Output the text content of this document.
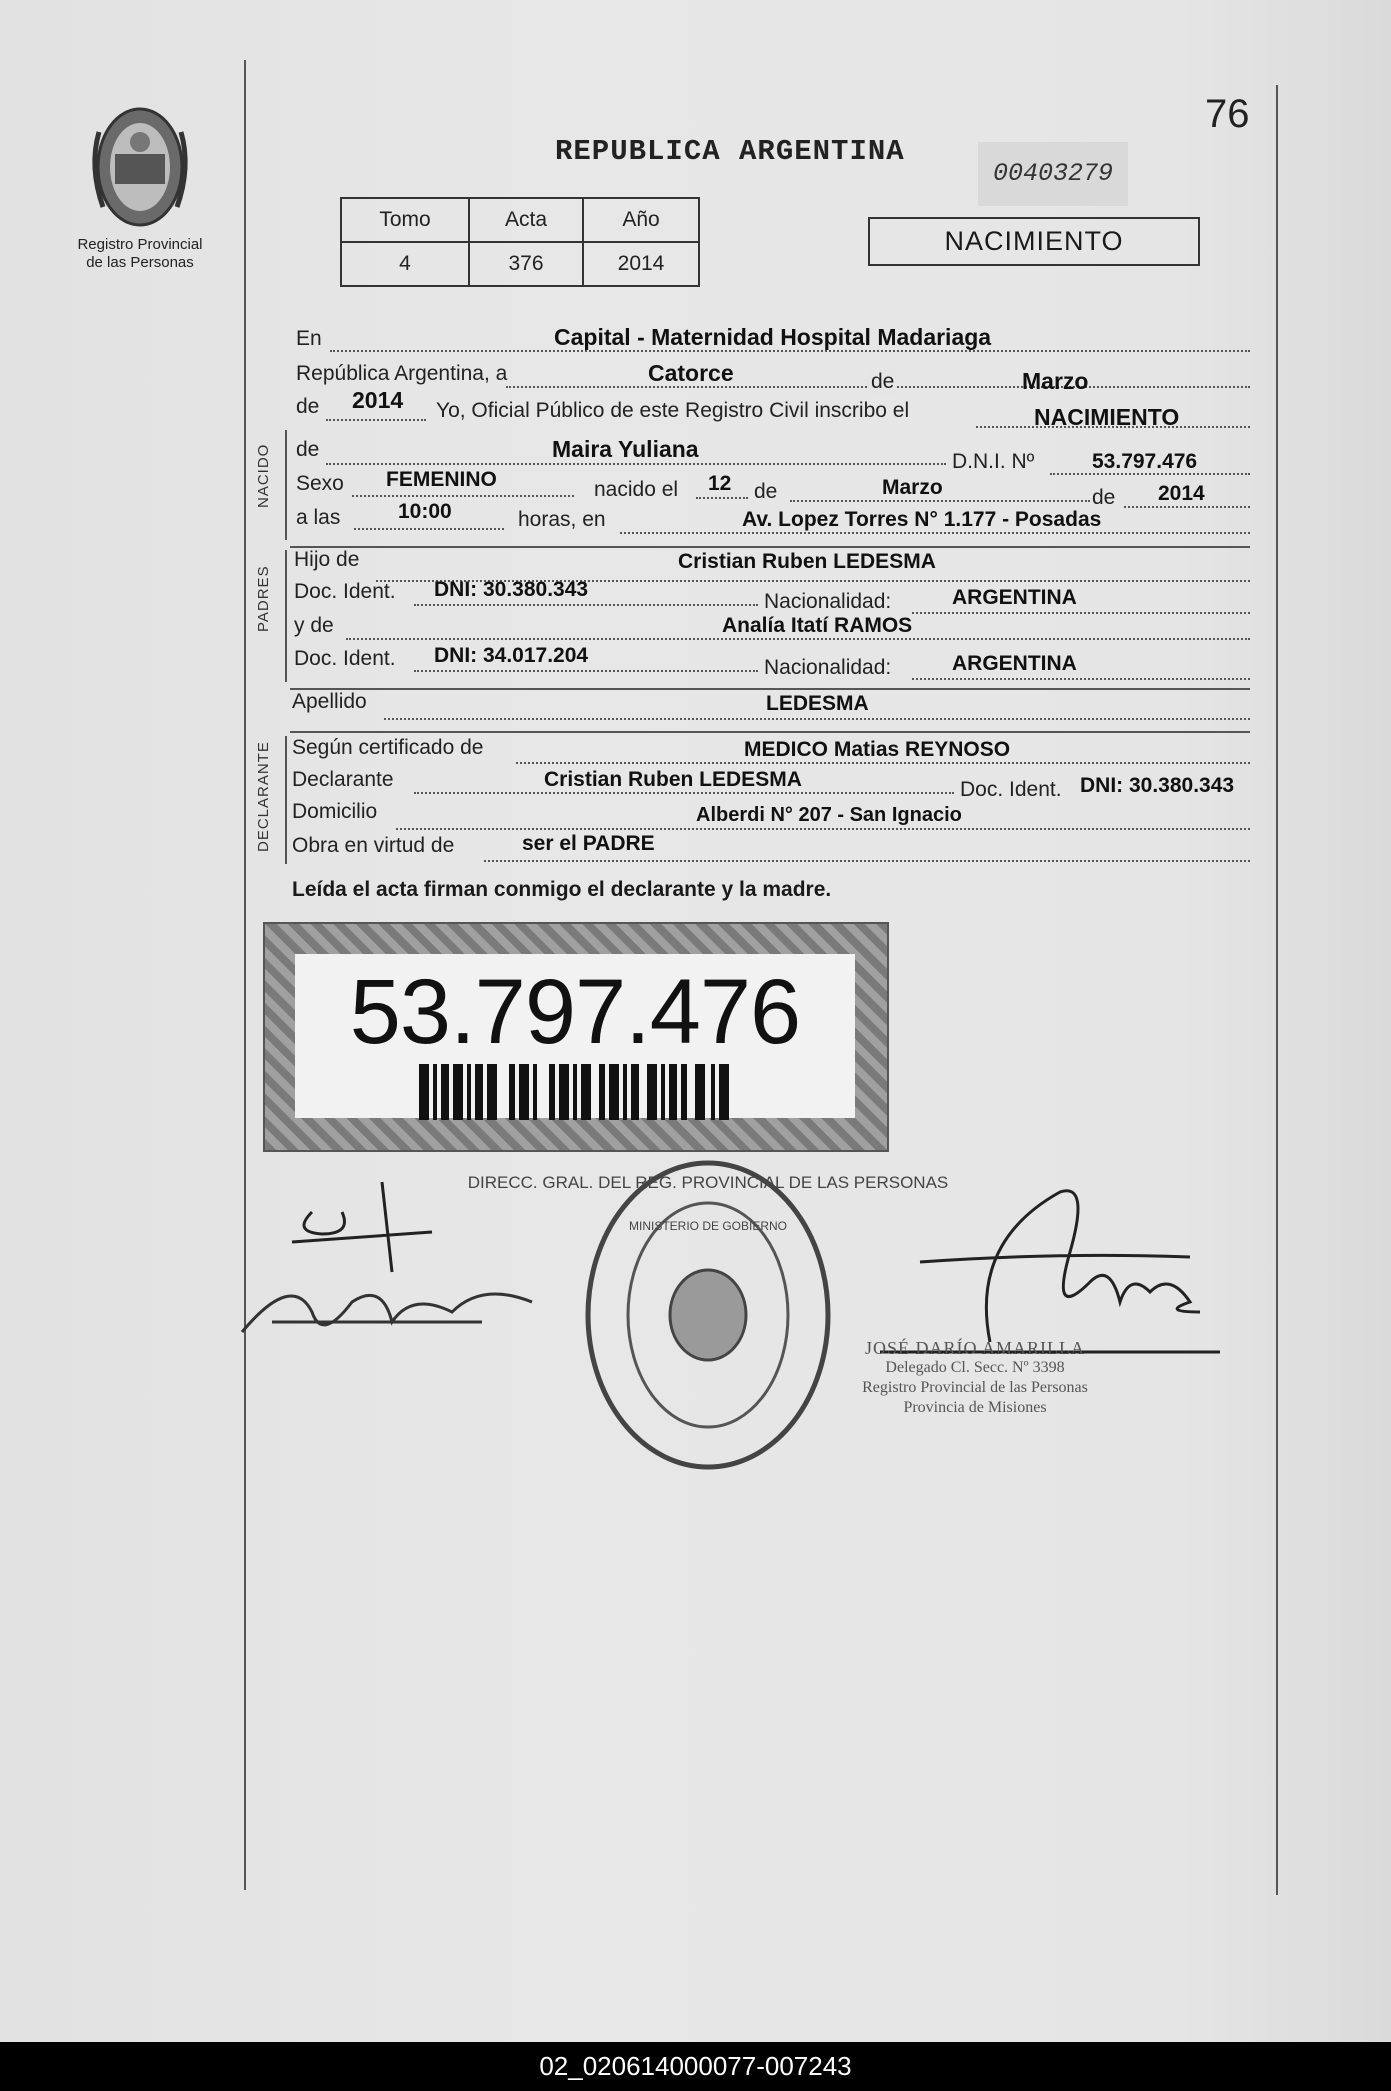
Registro Provincial
de las Personas
76
REPUBLICA ARGENTINA
00403279
Tomo	Acta	Año
4	376	2014
NACIMIENTO
En	Capital - Maternidad Hospital Madariaga
República Argentina, a	Catorce	de	Marzo
de 2014 Yo, Oficial Público de este Registro Civil inscribo el	NACIMIENTO
NACIDO de	Maira Yuliana	D.N.I. Nº	53.797.476
Sexo FEMENINO	nacido el 12 de	Marzo	de 2014
a las	10:00	horas, en	Av. Lopez Torres N° 1.177 - Posadas
PADRES
Hijo de	Cristian Ruben LEDESMA
Doc. Ident. DNI: 30.380.343
Nacionalidad:	ARGENTINA
y de	Analía Itatí RAMOS
Doc. Ident. DNI: 34.017.204
Nacionalidad:	ARGENTINA
Apellido	LEDESMA
DECLARANTE Según certificado de	MEDICO Matias REYNOSO
Declarante	Cristian Ruben LEDESMA	Doc. Ident. DNI: 30.380.343
Domicilio	Alberdi N° 207 - San Ignacio
Obra en virtud de	ser el PADRE
Leída el acta firman conmigo el declarante y la madre.
53.797.476
DIRECC. GRAL. DEL REG. PROVINCIAL DE LAS PERSONAS
MINISTERIO DE GOBIERNO
JOSÉ DARÍO AMARILLA
Delegado Cl. Secc. Nº 3398
Registro Provincial de las Personas
Provincia de Misiones
02_020614000077-007243
